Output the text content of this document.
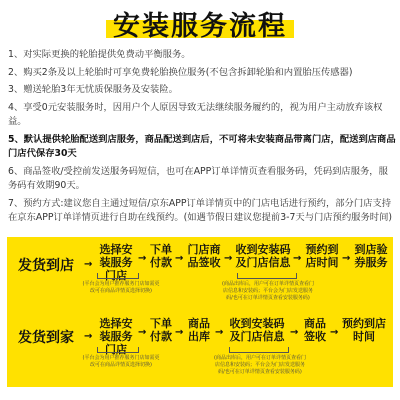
安装服务流程
1、对实际更换的轮胎提供免费动平衡服务。
2、购买2条及以上轮胎时可享免费轮胎换位服务(不包含拆卸轮胎和内置胎压传感器)
3、赠送轮胎3年无忧质保服务及安装险。
4、享受0元安装服务时，因用户个人原因导致无法继续服务履约的，视为用户主动放弃该权益。
5、默认提供轮胎配送到店服务，商品配送到店后，不可将未安装商品带离门店，配送到店商品门店代保存30天
6、商品签收/受控前发送服务码短信，也可在APP订单详情页查看服务码，凭码到店服务，服务码有效期90天。
7、预约方式:建议您自主通过短信/京东APP订单详情页中的门店电话进行预约，部分门店支持在京东APP订单详情页进行自助在线预约。(如遇节假日建议您提前3-7天与门店预约服务时间)
发货到店	→
选择安装服务门店
→
下单付款 →
门店商品签收 →
收到安装码及门店信息 →
预约到店时间 →
到店验券服务
(平台会为用户推荐服务门店如需更改可在商品详情页选择切换)
(商品出库后，用户可在订单详情页查看门店信息和安装码；平台会为门店发送服务码/也可在订单详情页查看安装服务码)
发货到家	→
选择安装服务门店
→
下单付款 →
商品出库 →
收到安装码及门店信息 →
商品签收 →
预约到店时间
(平台会为用户推荐服务门店如需更改可在商品详情页选择切换)
(商品出库后，用户可在订单详情页查看门店信息和安装码；平台会为门店发送服务码/也可在订单详情页查看安装服务码)
